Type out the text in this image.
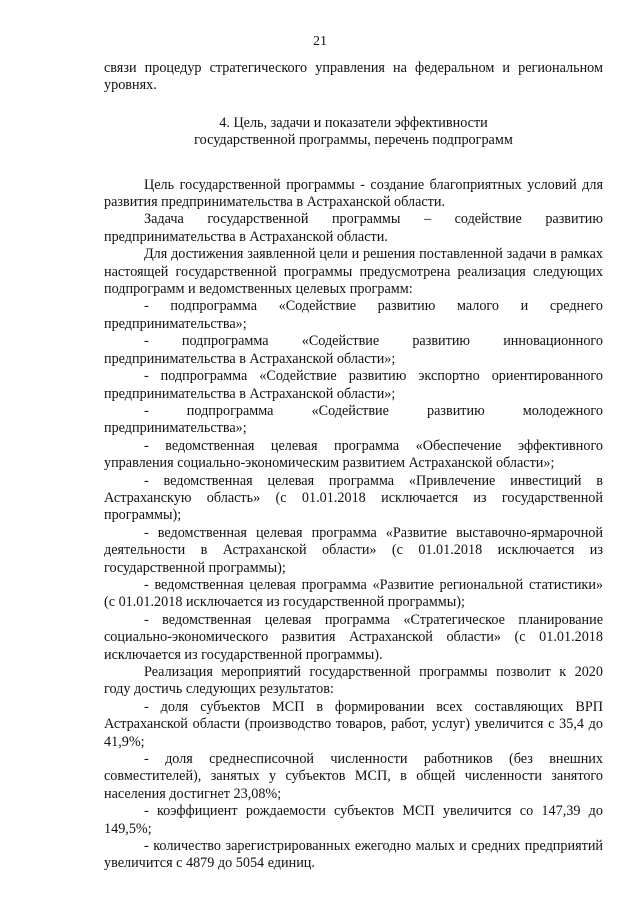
21

связи процедур стратегического управления на федеральном и региональном уровнях.

4. Цель, задачи и показатели эффективности
государственной программы, перечень подпрограмм

Цель государственной программы - создание благоприятных условий для развития предпринимательства в Астраханской области.

Задача государственной программы – содействие развитию предпринимательства в Астраханской области.

Для достижения заявленной цели и решения поставленной задачи в рамках настоящей государственной программы предусмотрена реализация следующих подпрограмм и ведомственных целевых программ:

- подпрограмма «Содействие развитию малого и среднего предпринимательства»;

- подпрограмма «Содействие развитию инновационного предпринимательства в Астраханской области»;

- подпрограмма «Содействие развитию экспортно ориентированного предпринимательства в Астраханской области»;

- подпрограмма «Содействие развитию молодежного предпринимательства»;

- ведомственная целевая программа «Обеспечение эффективного управления социально-экономическим развитием Астраханской области»;

- ведомственная целевая программа «Привлечение инвестиций в Астраханскую область» (с 01.01.2018 исключается из государственной программы);

- ведомственная целевая программа «Развитие выставочно-ярмарочной деятельности в Астраханской области» (с 01.01.2018 исключается из государственной программы);

- ведомственная целевая программа «Развитие региональной статистики» (с 01.01.2018 исключается из государственной программы);

- ведомственная целевая программа «Стратегическое планирование социально-экономического развития Астраханской области» (с 01.01.2018 исключается из государственной программы).

Реализация мероприятий государственной программы позволит к 2020 году достичь следующих результатов:

- доля субъектов МСП в формировании всех составляющих ВРП Астраханской области (производство товаров, работ, услуг) увеличится с 35,4 до 41,9%;

- доля среднесписочной численности работников (без внешних совместителей), занятых у субъектов МСП, в общей численности занятого населения достигнет 23,08%;

- коэффициент рождаемости субъектов МСП увеличится со 147,39 до 149,5%;

- количество зарегистрированных ежегодно малых и средних предприятий увеличится с 4879 до 5054 единиц.
